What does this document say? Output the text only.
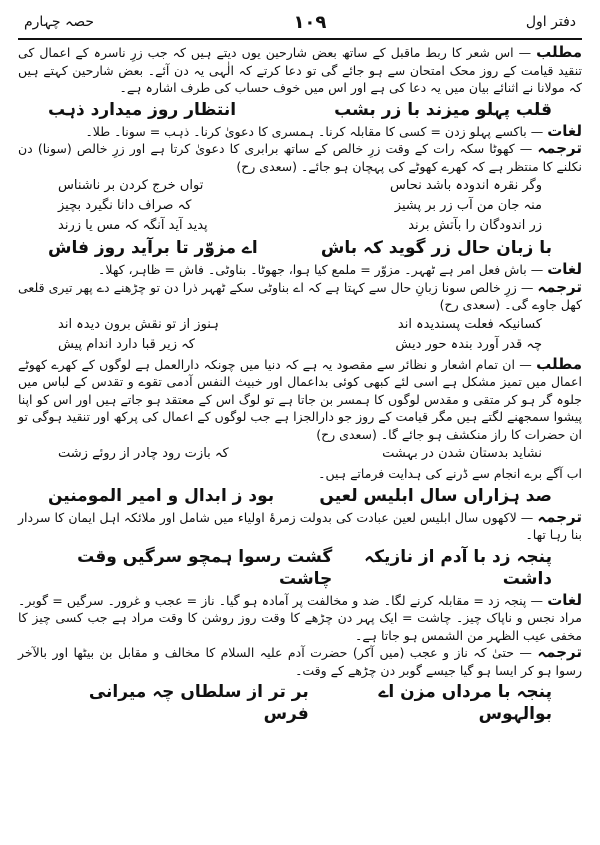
دفتر اول
۱۰۹
حصہ چہارم

مطلب — اس شعر کا ربط ماقبل کے ساتھ بعض شارحین یوں دیتے ہیں کہ جب زرِ ناسرہ کے اعمال کی تنقید قیامت کے روز محک امتحان سے ہو جائے گی تو دعا کرتے کہ الٰہی یہ دن آئے۔ بعض شارحین کہتے ہیں کہ مولانا نے اثنائے بیان میں یہ دعا کی ہے اور اس میں خوف حساب کی طرف اشارہ ہے۔

قلب پہلو میزند با زر بشب
انتظار روز میدارد ذہب

لغات — باکسے پہلو زدن = کسی کا مقابلہ کرنا۔ ہمسری کا دعویٰ کرنا۔ ذہب = سونا۔ طلا۔

ترجمہ — کھوٹا سکہ رات کے وقت زرِ خالص کے ساتھ برابری کا دعویٰ کرتا ہے اور زرِ خالص (سونا) دن نکلنے کا منتظر ہے کہ کھرے کھوٹے کی پہچان ہو جائے۔ (سعدی رح)

وگر نقرہ اندودہ باشد نحاس
تواں خرج کردن بر ناشناس
منہ جان من آب زر بر پشیز
کہ صراف دانا نگیرد بچیز
زر اندودگان را بآتش برند
پدید آید آنگہ کہ مس یا زرند
با زبان حال زر گوید کہ باش
اے مزوّر تا برآید روز فاش

لغات — باش فعل امر ہے ٹھہر۔ مزوّر = ملمع کیا ہوا، جھوٹا۔ بناوٹی۔ فاش = ظاہر، کھلا۔

ترجمہ — زرِ خالص سونا زبانِ حال سے کہتا ہے کہ اے بناوٹی سکے ٹھہر ذرا دن تو چڑھنے دے پھر تیری قلعی کھل جاوے گی۔ (سعدی رح)

کسانیکہ فعلت پسندیدہ اند
ہنوز از تو نقش برون دیدہ اند
چہ قدر آورد بندہ حور دیش
کہ زیر قبا دارد اندام پیش

مطلب — ان تمام اشعار و نظائر سے مقصود یہ ہے کہ دنیا میں چونکہ دارالعمل ہے لوگوں کے کھرے کھوٹے اعمال میں تمیز مشکل ہے اسی لئے کبھی کوئی بداعمال اور خبیث النفس آدمی تقوے و تقدس کے لباس میں جلوہ گر ہو کر متقی و مقدس لوگوں کا ہمسر بن جاتا ہے تو لوگ اس کے معتقد ہو جاتے ہیں اور اس کو اپنا پیشوا سمجھنے لگتے ہیں مگر قیامت کے روز جو دارالجزا ہے جب لوگوں کے اعمال کی پرکھ اور تنقید ہوگی تو ان حضرات کا راز منکشف ہو جائے گا۔ (سعدی رح)

نشاید بدستان شدن در بہشت
کہ بازت رود چادر از روئے زشت

اب آگے برے انجام سے ڈرنے کی ہدایت فرماتے ہیں۔

صد ہزاراں سال ابلیس لعیں
بود ز ابدال و امیر المومنین

ترجمہ — لاکھوں سال ابلیس لعین عبادت کی بدولت زمرۂ اولیاء میں شامل اور ملائکہ اہل ایمان کا سردار بنا رہا تھا۔

پنجہ زد با آدم از نازیکہ داشت
گشت رسوا ہمچو سرگیں وقت چاشت

لغات — پنجہ زد = مقابلہ کرنے لگا۔ ضد و مخالفت پر آمادہ ہو گیا۔ ناز = عجب و غرور۔ سرگیں = گوبر۔ مراد نجس و ناپاک چیز۔ چاشت = ایک پہر دن چڑھے کا وقت روز روشن کا وقت مراد ہے جب کسی چیز کا مخفی عیب الظہر من الشمس ہو جاتا ہے۔

ترجمہ — حتیٰ کہ ناز و عجب (میں آکر) حضرت آدم علیہ السلام کا مخالف و مقابل بن بیٹھا اور بالآخر رسوا ہو کر ایسا ہو گیا جیسے گوبر دن چڑھے کے وقت۔

پنجہ با مرداں مزن اے بوالہوس
بر تر از سلطاں چہ میرانی فرس
